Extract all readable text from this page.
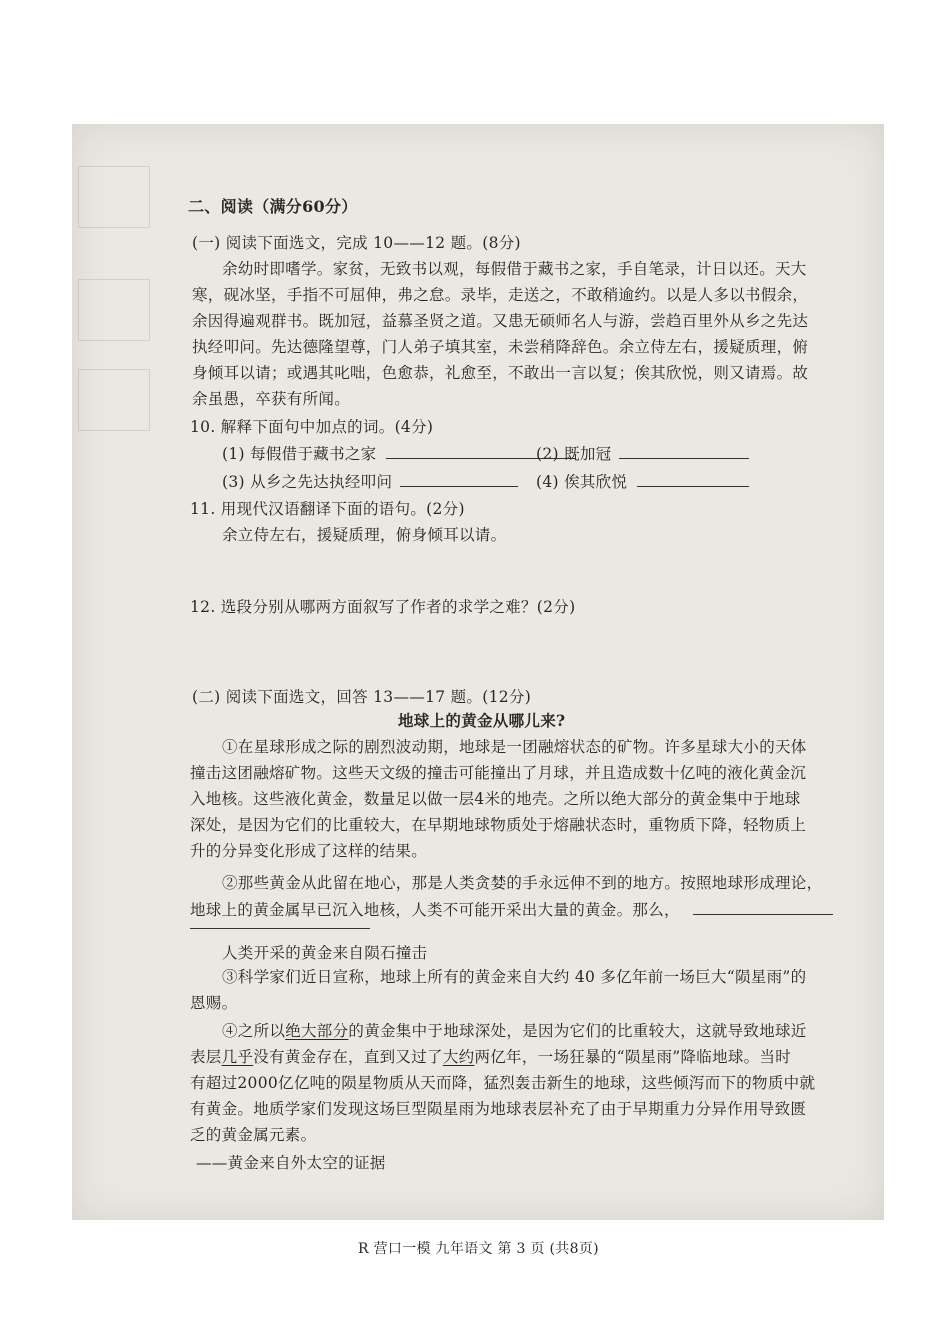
二、阅读（满分60分）
(一) 阅读下面选文，完成 10——12 题。(8分)
余幼时即嗜学。家贫，无致书以观，每假借于藏书之家，手自笔录，计日以还。天大
寒，砚冰坚，手指不可屈伸，弗之怠。录毕，走送之，不敢稍逾约。以是人多以书假余，
余因得遍观群书。既加冠，益慕圣贤之道。又患无硕师名人与游，尝趋百里外从乡之先达
执经叩问。先达德隆望尊，门人弟子填其室，未尝稍降辞色。余立侍左右，援疑质理，俯
身倾耳以请；或遇其叱咄，色愈恭，礼愈至，不敢出一言以复；俟其欣悦，则又请焉。故
余虽愚，卒获有所闻。
10. 解释下面句中加点的词。(4分)
(1) 每假借于藏书之家	(2) 既加冠
(3) 从乡之先达执经叩问	(4) 俟其欣悦
11. 用现代汉语翻译下面的语句。(2分)
余立侍左右，援疑质理，俯身倾耳以请。
12. 选段分别从哪两方面叙写了作者的求学之难？(2分)
(二) 阅读下面选文，回答 13——17 题。(12分)
地球上的黄金从哪儿来?
①在星球形成之际的剧烈波动期，地球是一团融熔状态的矿物。许多星球大小的天体
撞击这团融熔矿物。这些天文级的撞击可能撞出了月球，并且造成数十亿吨的液化黄金沉
入地核。这些液化黄金，数量足以做一层4米的地壳。之所以绝大部分的黄金集中于地球
深处，是因为它们的比重较大，在早期地球物质处于熔融状态时，重物质下降，轻物质上
升的分异变化形成了这样的结果。
②那些黄金从此留在地心，那是人类贪婪的手永远伸不到的地方。按照地球形成理论，
地球上的黄金属早已沉入地核，人类不可能开采出大量的黄金。那么，
人类开采的黄金来自陨石撞击
③科学家们近日宣称，地球上所有的黄金来自大约 40 多亿年前一场巨大“陨星雨”的
恩赐。
④之所以绝大部分的黄金集中于地球深处，是因为它们的比重较大，这就导致地球近
表层几乎没有黄金存在，直到又过了大约两亿年，一场狂暴的“陨星雨”降临地球。当时
有超过2000亿亿吨的陨星物质从天而降，猛烈轰击新生的地球，这些倾泻而下的物质中就
有黄金。地质学家们发现这场巨型陨星雨为地球表层补充了由于早期重力分异作用导致匮
乏的黄金属元素。
——黄金来自外太空的证据
R 营口一模 九年语文 第 3 页 (共8页)
